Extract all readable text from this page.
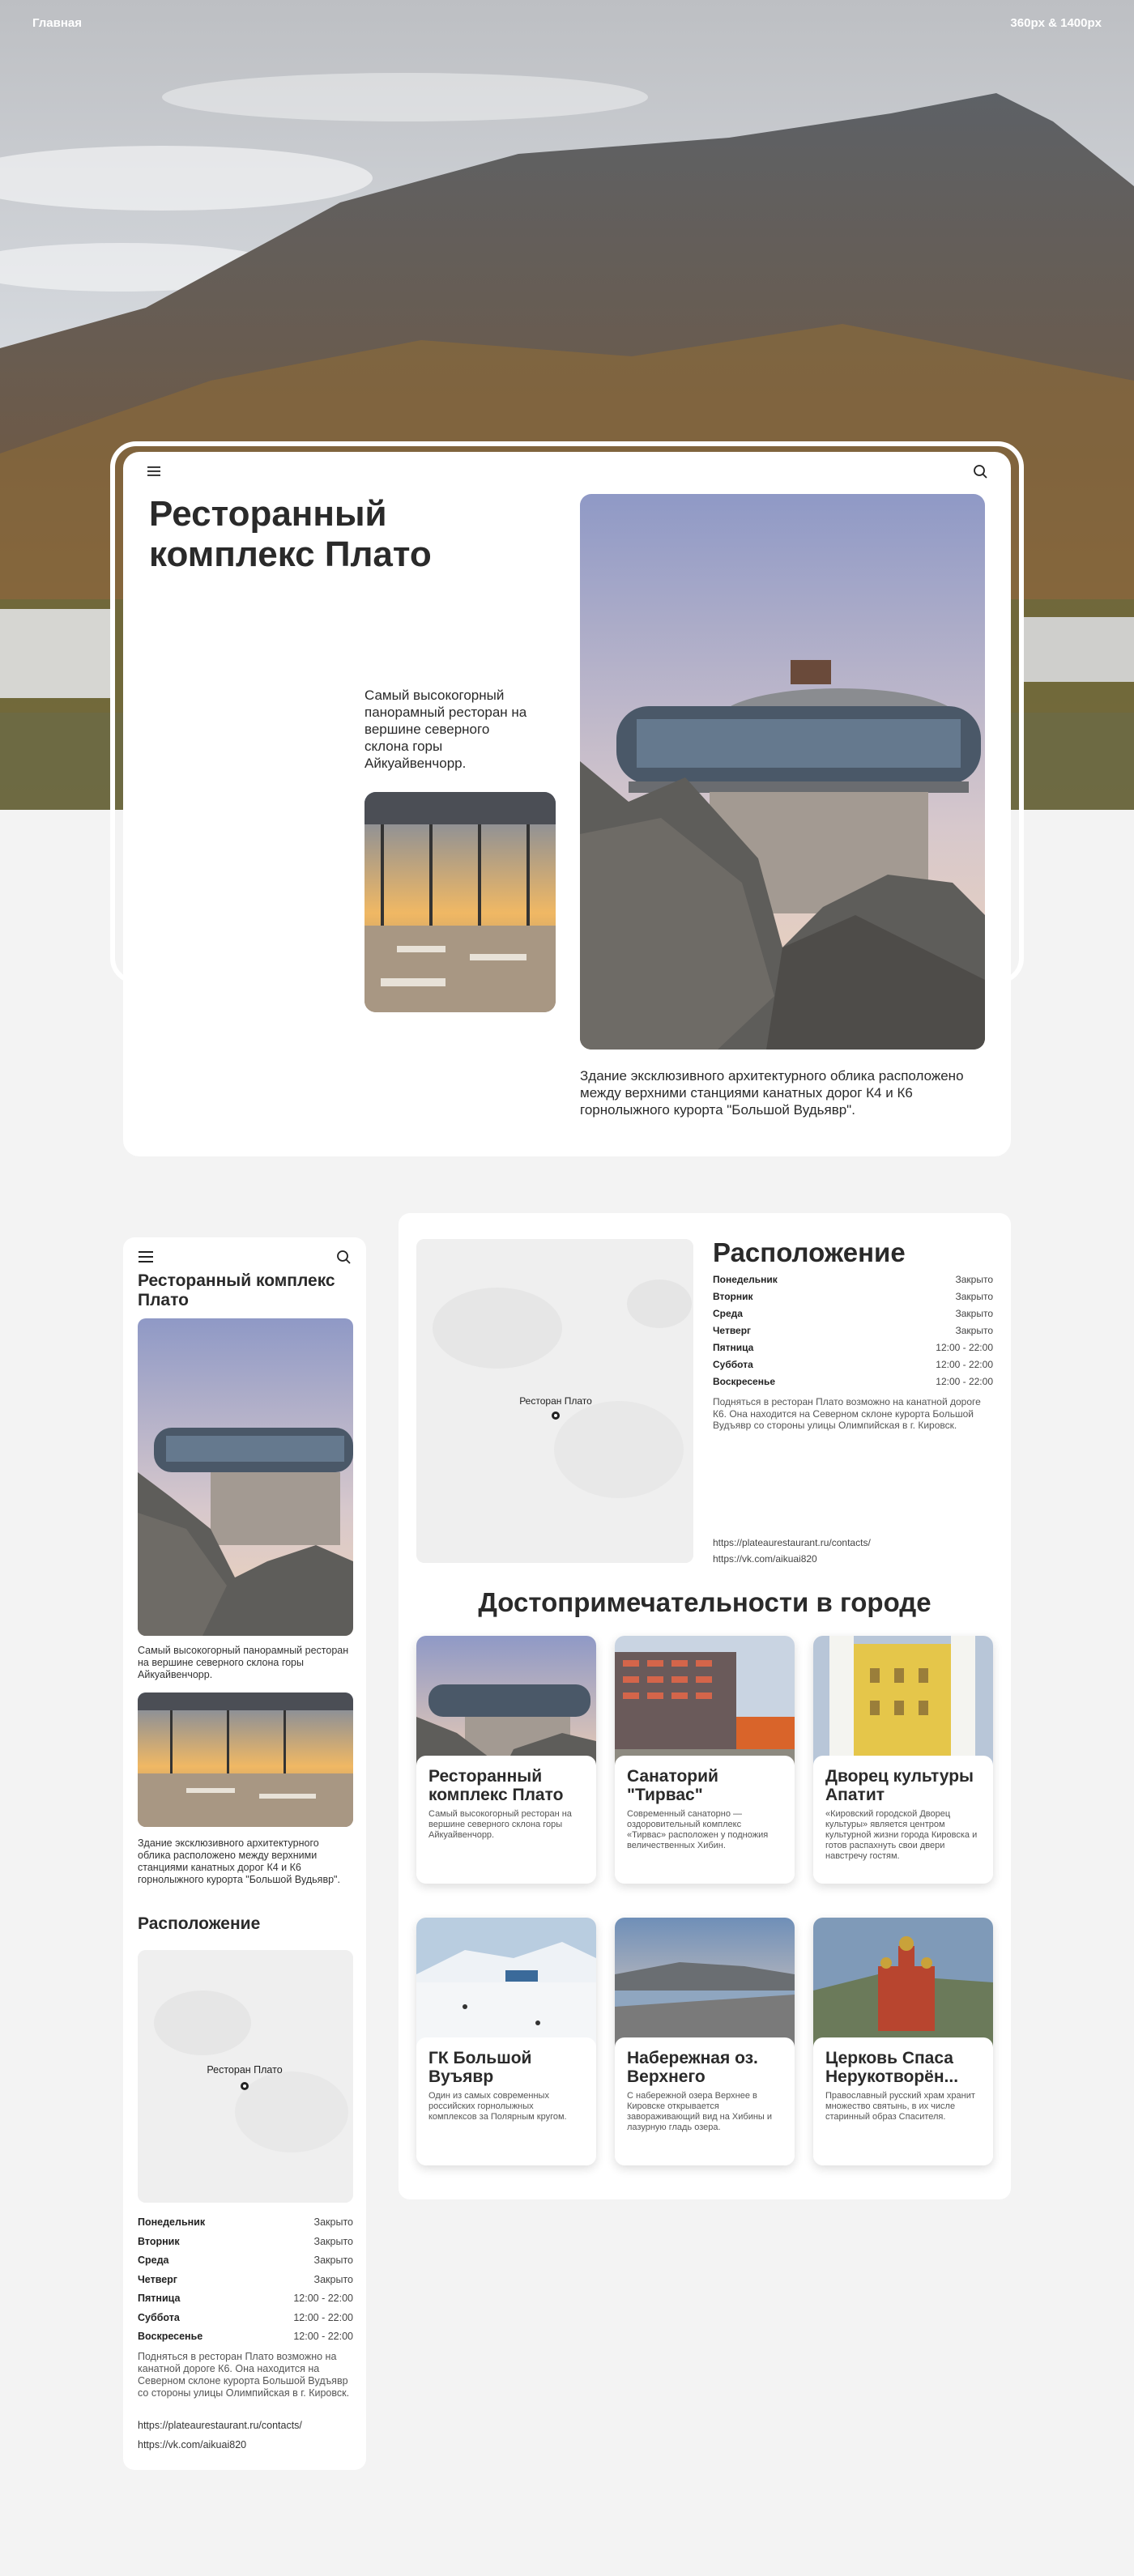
Главная	360px & 1400px
Ресторанный комплекс Плато

Самый высокогорный панорамный ресторан на вершине северного склона горы Айкуайвенчорр.

Здание эксклюзивного архитектурного облика расположено между верхними станциями канатных дорог К4 и К6 горнолыжного курорта "Большой Вудьявр".

Ресторанный комплекс Плато

Самый высокогорный панорамный ресторан на вершине северного склона горы Айкуайвенчорр.

Здание эксклюзивного архитектурного облика расположено между верхними станциями канатных дорог К4 и К6 горнолыжного курорта "Большой Вудьявр".

Расположение
Ресторан Плато
Понедельник	Закрыто
Вторник	Закрыто
Среда	Закрыто
Четверг	Закрыто
Пятница	12:00 - 22:00
Суббота	12:00 - 22:00
Воскресенье	12:00 - 22:00

Подняться в ресторан Плато возможно на канатной дороге К6. Она находится на Северном склоне курорта Большой Вудъявр со стороны улицы Олимпийская в г. Кировск.

https://plateaurestaurant.ru/contacts/
https://vk.com/aikuai820
Ресторан Плато
Расположение
Понедельник	Закрыто
Вторник	Закрыто
Среда	Закрыто
Четверг	Закрыто
Пятница	12:00 - 22:00
Суббота	12:00 - 22:00
Воскресенье	12:00 - 22:00

Подняться в ресторан Плато возможно на канатной дороге К6. Она находится на Северном склоне курорта Большой Вудъявр со стороны улицы Олимпийская в г. Кировск.

https://plateaurestaurant.ru/contacts/
https://vk.com/aikuai820
Достопримечательности в городе
Ресторанный комплекс Плато
Самый высокогорный ресторан на вершине северного склона горы Айкуайвенчорр.
Санаторий "Тирвас"
Современный санаторно — оздоровительный комплекс «Тирвас» расположен у подножия величественных Хибин.
Дворец культуры Апатит
«Кировский городской Дворец культуры» является центром культурной жизни города Кировска и готов распахнуть свои двери навстречу гостям.
ГК Большой Вуъявр
Один из самых современных российских горнолыжных комплексов за Полярным кругом.
Набережная оз. Верхнего
С набережной озера Верхнее в Кировске открывается завораживающий вид на Хибины и лазурную гладь озера.
Церковь Спаса Нерукотворён...
Православный русский храм хранит множество святынь, в их числе старинный образ Спасителя.
